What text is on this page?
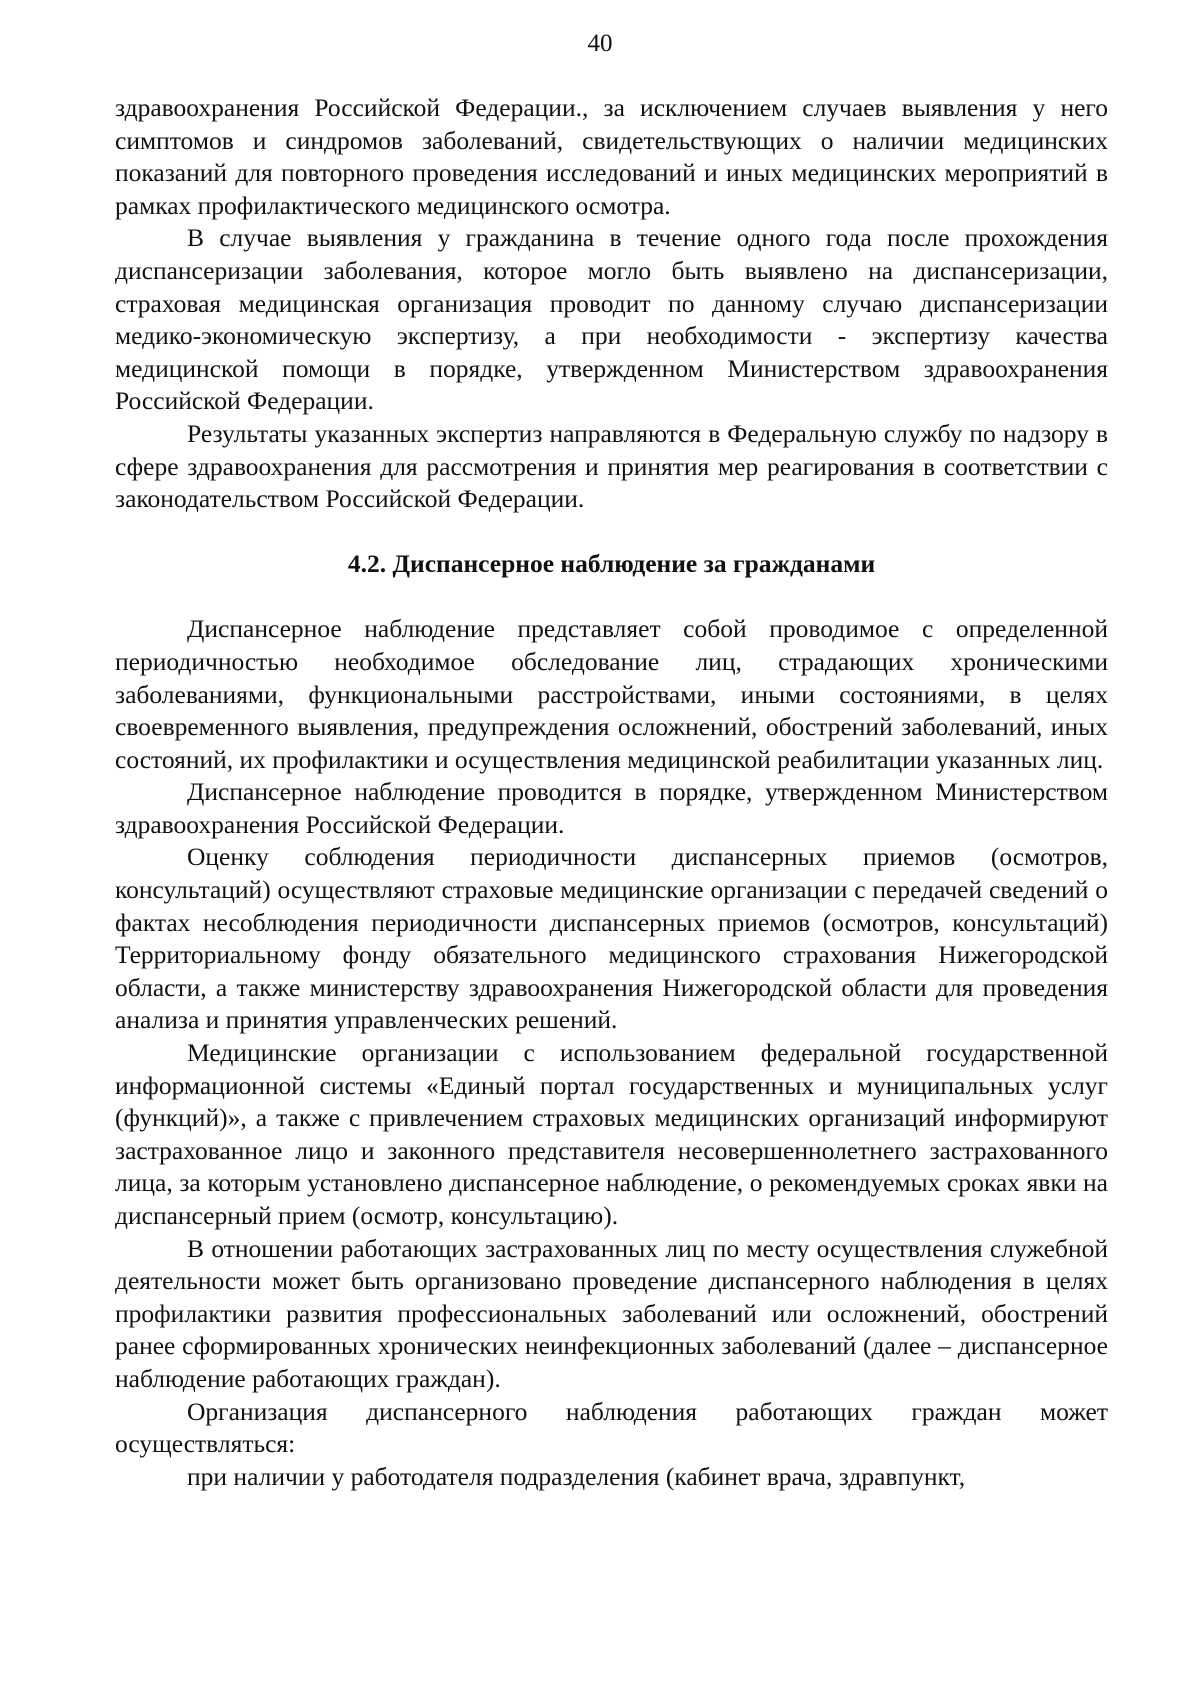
40

здравоохранения Российской Федерации., за исключением случаев выявления у него симптомов и синдромов заболеваний, свидетельствующих о наличии медицинских показаний для повторного проведения исследований и иных медицинских мероприятий в рамках профилактического медицинского осмотра.

В случае выявления у гражданина в течение одного года после прохождения диспансеризации заболевания, которое могло быть выявлено на диспансеризации, страховая медицинская организация проводит по данному случаю диспансеризации медико-экономическую экспертизу, а при необходимости - экспертизу качества медицинской помощи в порядке, утвержденном Министерством здравоохранения Российской Федерации.

Результаты указанных экспертиз направляются в Федеральную службу по надзору в сфере здравоохранения для рассмотрения и принятия мер реагирования в соответствии с законодательством Российской Федерации.

4.2. Диспансерное наблюдение за гражданами

Диспансерное наблюдение представляет собой проводимое с определенной периодичностью необходимое обследование лиц, страдающих хроническими заболеваниями, функциональными расстройствами, иными состояниями, в целях своевременного выявления, предупреждения осложнений, обострений заболеваний, иных состояний, их профилактики и осуществления медицинской реабилитации указанных лиц.

Диспансерное наблюдение проводится в порядке, утвержденном Министерством здравоохранения Российской Федерации.

Оценку соблюдения периодичности диспансерных приемов (осмотров, консультаций) осуществляют страховые медицинские организации с передачей сведений о фактах несоблюдения периодичности диспансерных приемов (осмотров, консультаций) Территориальному фонду обязательного медицинского страхования Нижегородской области, а также министерству здравоохранения Нижегородской области для проведения анализа и принятия управленческих решений.

Медицинские организации с использованием федеральной государственной информационной системы «Единый портал государственных и муниципальных услуг (функций)», а также с привлечением страховых медицинских организаций информируют застрахованное лицо и законного представителя несовершеннолетнего застрахованного лица, за которым установлено диспансерное наблюдение, о рекомендуемых сроках явки на диспансерный прием (осмотр, консультацию).

В отношении работающих застрахованных лиц по месту осуществления служебной деятельности может быть организовано проведение диспансерного наблюдения в целях профилактики развития профессиональных заболеваний или осложнений, обострений ранее сформированных хронических неинфекционных заболеваний (далее – диспансерное наблюдение работающих граждан).

Организация диспансерного наблюдения работающих граждан может осуществляться:

при наличии у работодателя подразделения (кабинет врача, здравпункт,
